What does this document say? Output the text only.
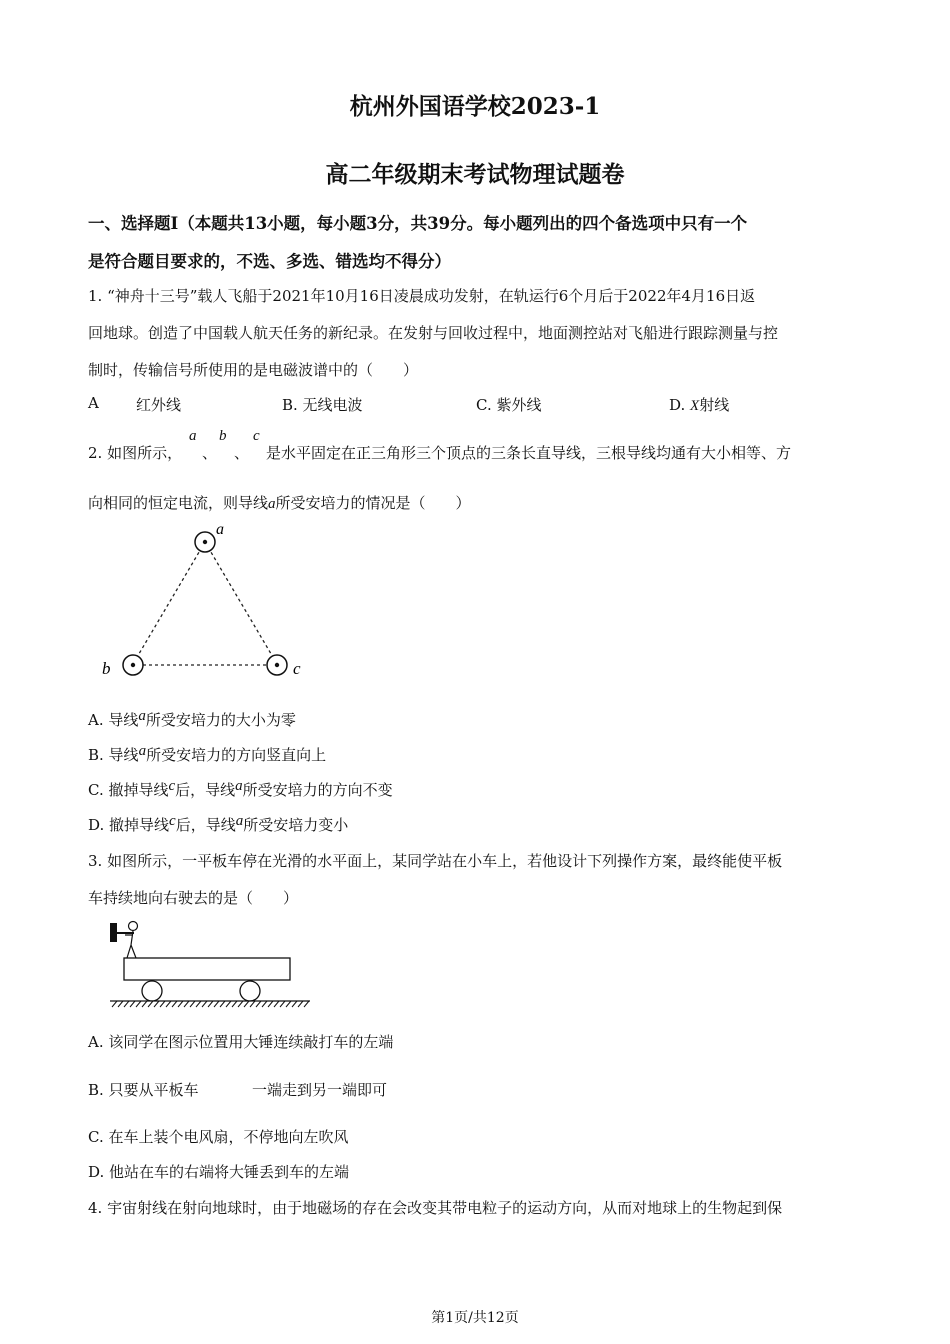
杭州外国语学校2023-1
高二年级期末考试物理试题卷
一、选择题Ⅰ（本题共13小题，每小题3分，共39分。每小题列出的四个备选项中只有一个
是符合题目要求的，不选、多选、错选均不得分）
1. “神舟十三号”载人飞船于2021年10月16日凌晨成功发射，在轨运行6个月后于2022年4月16日返
回地球。创造了中国载人航天任务的新纪录。在发射与回收过程中，地面测控站对飞船进行跟踪测量与控
制时，传输信号所使用的是电磁波谱中的（　　）
A 红外线	B. 无线电波	C. 紫外线	D. X射线
2. 如图所示，
a
、
b
、
c
是水平固定在正三角形三个顶点的三条长直导线，三根导线均通有大小相等、方
向相同的恒定电流，则导线a所受安培力的情况是（　　）
a
b	c
A. 导线a所受安培力的大小为零
B. 导线a所受安培力的方向竖直向上
C. 撤掉导线c后，导线a所受安培力的方向不变
D. 撤掉导线c后，导线a所受安培力变小
3. 如图所示，一平板车停在光滑的水平面上，某同学站在小车上，若他设计下列操作方案，最终能使平板
车持续地向右驶去的是（　　）
A. 该同学在图示位置用大锤连续敲打车的左端
B. 只要从平板车	一端走到另一端即可
C. 在车上装个电风扇，不停地向左吹风
D. 他站在车的右端将大锤丢到车的左端
4. 宇宙射线在射向地球时，由于地磁场的存在会改变其带电粒子的运动方向，从而对地球上的生物起到保
第1页/共12页
